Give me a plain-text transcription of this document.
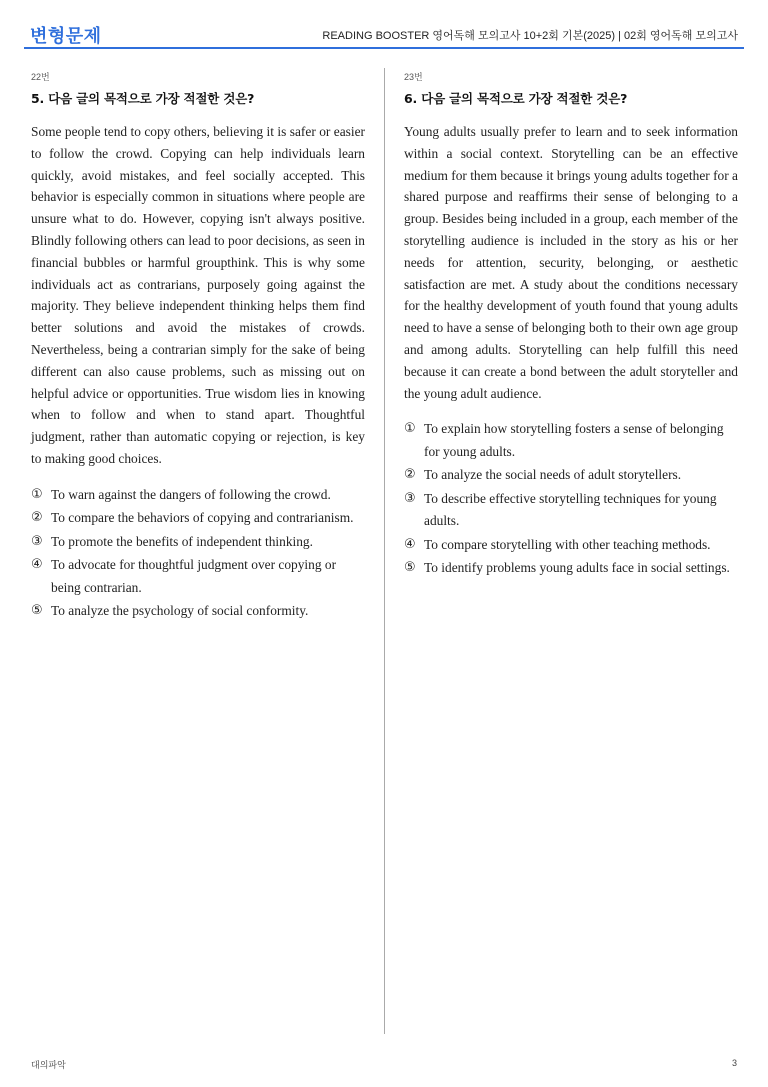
변형문제	READING BOOSTER 영어독해 모의고사 10+2회 기본(2025) | 02회 영어독해 모의고사
22번
5. 다음 글의 목적으로 가장 적절한 것은?

Some people tend to copy others, believing it is safer or easier to follow the crowd. Copying can help individuals learn quickly, avoid mistakes, and feel socially accepted. This behavior is especially common in situations where people are unsure what to do. However, copying isn't always positive. Blindly following others can lead to poor decisions, as seen in financial bubbles or harmful groupthink. This is why some individuals act as contrarians, purposely going against the majority. They believe independent thinking helps them find better solutions and avoid the mistakes of crowds. Nevertheless, being a contrarian simply for the sake of being different can also cause problems, such as missing out on helpful advice or opportunities. True wisdom lies in knowing when to follow and when to stand apart. Thoughtful judgment, rather than automatic copying or rejection, is key to making good choices.

① To warn against the dangers of following the crowd.
② To compare the behaviors of copying and contrarianism.
③ To promote the benefits of independent thinking.
④ To advocate for thoughtful judgment over copying or being contrarian.
⑤ To analyze the psychology of social conformity.
23번
6. 다음 글의 목적으로 가장 적절한 것은?

Young adults usually prefer to learn and to seek information within a social context. Storytelling can be an effective medium for them because it brings young adults together for a shared purpose and reaffirms their sense of belonging to a group. Besides being included in a group, each member of the storytelling audience is included in the story as his or her needs for attention, security, belonging, or aesthetic satisfaction are met. A study about the conditions necessary for the healthy development of youth found that young adults need to have a sense of belonging both to their own age group and among adults. Storytelling can help fulfill this need because it can create a bond between the adult storyteller and the young adult audience.

① To explain how storytelling fosters a sense of belonging for young adults.
② To analyze the social needs of adult storytellers.
③ To describe effective storytelling techniques for young adults.
④ To compare storytelling with other teaching methods.
⑤ To identify problems young adults face in social settings.
대의파악	3
